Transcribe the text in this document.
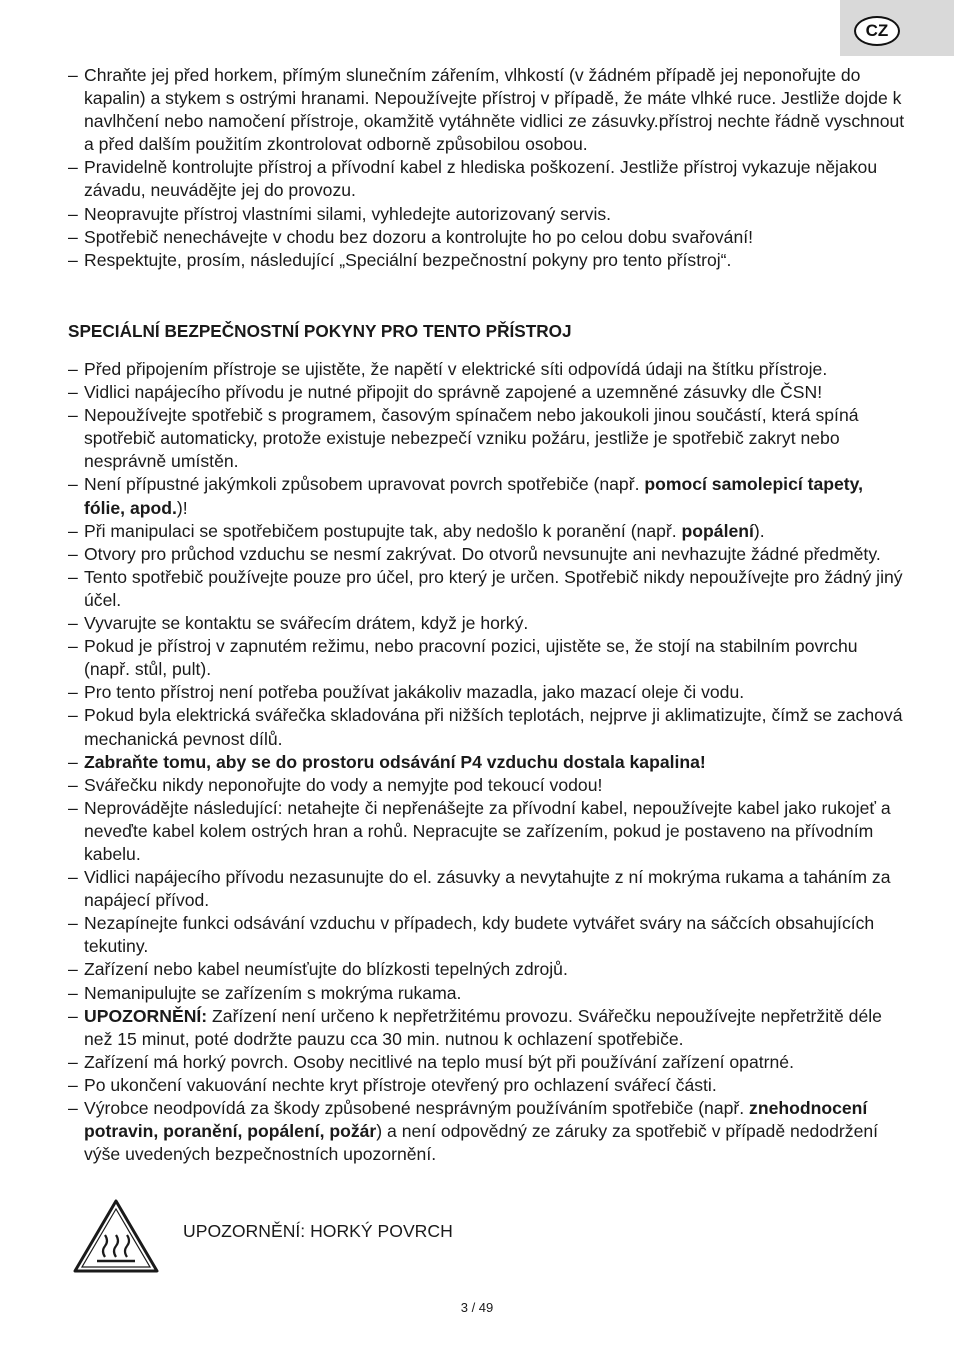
CZ
– Chraňte jej před horkem, přímým slunečním zářením, vlhkostí (v žádném případě jej neponořujte do kapalin) a stykem s ostrými hranami. Nepoužívejte přístroj v případě, že máte vlhké ruce. Jestliže dojde k navlhčení nebo namočení přístroje, okamžitě vytáhněte vidlici ze zásuvky.přístroj nechte řádně vyschnout a před dalším použitím zkontrolovat odborně způsobilou osobou.
– Pravidelně kontrolujte přístroj a přívodní kabel z hlediska poškození. Jestliže přístroj vykazuje nějakou závadu, neuvádějte jej do provozu.
– Neopravujte přístroj vlastními silami, vyhledejte autorizovaný servis.
– Spotřebič nenechávejte v chodu bez dozoru a kontrolujte ho po celou dobu svařování!
– Respektujte, prosím, následující „Speciální bezpečnostní pokyny pro tento přístroj“.
SPECIÁLNÍ BEZPEČNOSTNÍ POKYNY PRO TENTO PŘÍSTROJ
– Před připojením přístroje se ujistěte, že napětí v elektrické síti odpovídá údaji na štítku přístroje.
– Vidlici napájecího přívodu je nutné připojit do správně zapojené a uzemněné zásuvky dle ČSN!
– Nepoužívejte spotřebič s programem, časovým spínačem nebo jakoukoli jinou součástí, která spíná spotřebič automaticky, protože existuje nebezpečí vzniku požáru, jestliže je spotřebič zakryt nebo nesprávně umístěn.
– Není přípustné jakýmkoli způsobem upravovat povrch spotřebiče (např. pomocí samolepicí tapety, fólie, apod.)!
– Při manipulaci se spotřebičem postupujte tak, aby nedošlo k poranění (např. popálení).
– Otvory pro průchod vzduchu se nesmí zakrývat. Do otvorů nevsunujte ani nevhazujte žádné předměty.
– Tento spotřebič používejte pouze pro účel, pro který je určen. Spotřebič nikdy nepoužívejte pro žádný jiný účel.
– Vyvarujte se kontaktu se svářecím drátem, když je horký.
– Pokud je přístroj v zapnutém režimu, nebo pracovní pozici, ujistěte se, že stojí na stabilním povrchu (např. stůl, pult).
– Pro tento přístroj není potřeba používat jakákoliv mazadla, jako mazací oleje či vodu.
– Pokud byla elektrická svářečka skladována při nižších teplotách, nejprve ji aklimatizujte, čímž se zachová mechanická pevnost dílů.
– Zabraňte tomu, aby se do prostoru odsávání P4 vzduchu dostala kapalina!
– Svářečku nikdy neponořujte do vody a nemyjte pod tekoucí vodou!
– Neprovádějte následující: netahejte či nepřenášejte za přívodní kabel, nepoužívejte kabel jako rukojeť a neveďte kabel kolem ostrých hran a rohů. Nepracujte se zařízením, pokud je postaveno na přívodním kabelu.
– Vidlici napájecího přívodu nezasunujte do el. zásuvky a nevytahujte z ní mokrýma rukama a taháním za napájecí přívod.
– Nezapínejte funkci odsávání vzduchu v případech, kdy budete vytvářet sváry na sáčcích obsahujících tekutiny.
– Zařízení nebo kabel neumísťujte do blízkosti tepelných zdrojů.
– Nemanipulujte se zařízením s mokrýma rukama.
– UPOZORNĚNÍ: Zařízení není určeno k nepřetržitému provozu. Svářečku nepoužívejte nepřetržitě déle než 15 minut, poté dodržte pauzu cca 30 min. nutnou k ochlazení spotřebiče.
– Zařízení má horký povrch. Osoby necitlivé na teplo musí být při používání zařízení opatrné.
– Po ukončení vakuování nechte kryt přístroje otevřený pro ochlazení svářecí části.
– Výrobce neodpovídá za škody způsobené nesprávným používáním spotřebiče (např. znehodnocení potravin, poranění, popálení, požár) a není odpovědný ze záruky za spotřebič v případě nedodržení výše uvedených bezpečnostních upozornění.
UPOZORNĚNÍ: HORKÝ POVRCH
3 / 49
